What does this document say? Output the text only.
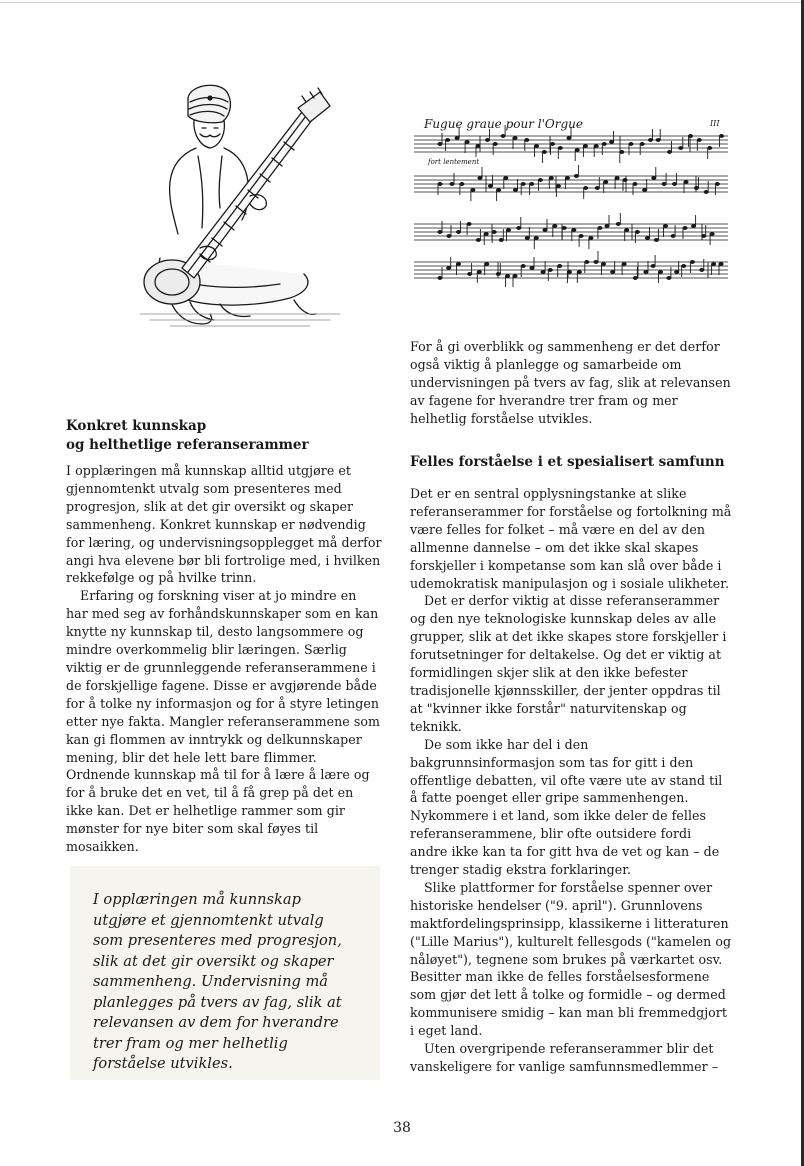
Fugue graue pour l'Orgue	III
fort lentement
Konkret kunnskap
og helthetlige referanserammer

I opplæringen må kunnskap alltid utgjøre et gjennomtenkt utvalg som presenteres med progresjon, slik at det gir oversikt og skaper sammenheng. Konkret kunnskap er nødvendig for læring, og undervisningsopplegget må derfor angi hva elevene bør bli fortrolige med, i hvilken rekkefølge og på hvilke trinn.

Erfaring og forskning viser at jo mindre en har med seg av forhåndskunnskaper som en kan knytte ny kunnskap til, desto langsommere og mindre overkommelig blir læringen. Særlig viktig er de grunnleggende referanserammene i de forskjellige fagene. Disse er avgjørende både for å tolke ny informasjon og for å styre letingen etter nye fakta. Mangler referanserammene som kan gi flommen av inntrykk og delkunnskaper mening, blir det hele lett bare flimmer. Ordnende kunnskap må til for å lære å lære og for å bruke det en vet, til å få grep på det en ikke kan. Det er helhetlige rammer som gir mønster for nye biter som skal føyes til mosaikken.

I opplæringen må kunnskap utgjøre et gjennomtenkt utvalg som presenteres med progresjon, slik at det gir oversikt og skaper sammenheng. Undervisning må planlegges på tvers av fag, slik at relevansen av dem for hverandre trer fram og mer helhetlig forståelse utvikles.

For å gi overblikk og sammenheng er det derfor også viktig å planlegge og samarbeide om undervisningen på tvers av fag, slik at relevansen av fagene for hverandre trer fram og mer helhetlig forståelse utvikles.

Felles forståelse i et spesialisert samfunn

Det er en sentral opplysningstanke at slike referanserammer for forståelse og fortolkning må være felles for folket – må være en del av den allmenne dannelse – om det ikke skal skapes forskjeller i kompetanse som kan slå over både i udemokratisk manipulasjon og i sosiale ulikheter.

Det er derfor viktig at disse referanserammer og den nye teknologiske kunnskap deles av alle grupper, slik at det ikke skapes store forskjeller i forutsetninger for deltakelse. Og det er viktig at formidlingen skjer slik at den ikke befester tradisjonelle kjønnsskiller, der jenter oppdras til at "kvinner ikke forstår" naturvitenskap og teknikk.

De som ikke har del i den bakgrunnsinformasjon som tas for gitt i den offentlige debatten, vil ofte være ute av stand til å fatte poenget eller gripe sammenhengen. Nykommere i et land, som ikke deler de felles referanserammene, blir ofte outsidere fordi andre ikke kan ta for gitt hva de vet og kan – de trenger stadig ekstra forklaringer.

Slike plattformer for forståelse spenner over historiske hendelser ("9. april"). Grunnlovens maktfordelingsprinsipp, klassikerne i litteraturen ("Lille Marius"), kulturelt fellesgods ("kamelen og nåløyet"), tegnene som brukes på værkartet osv. Besitter man ikke de felles forståelsesformene som gjør det lett å tolke og formidle – og dermed kommunisere smidig – kan man bli fremmedgjort i eget land.

Uten overgripende referanserammer blir det vanskeligere for vanlige samfunnsmedlemmer –

38
